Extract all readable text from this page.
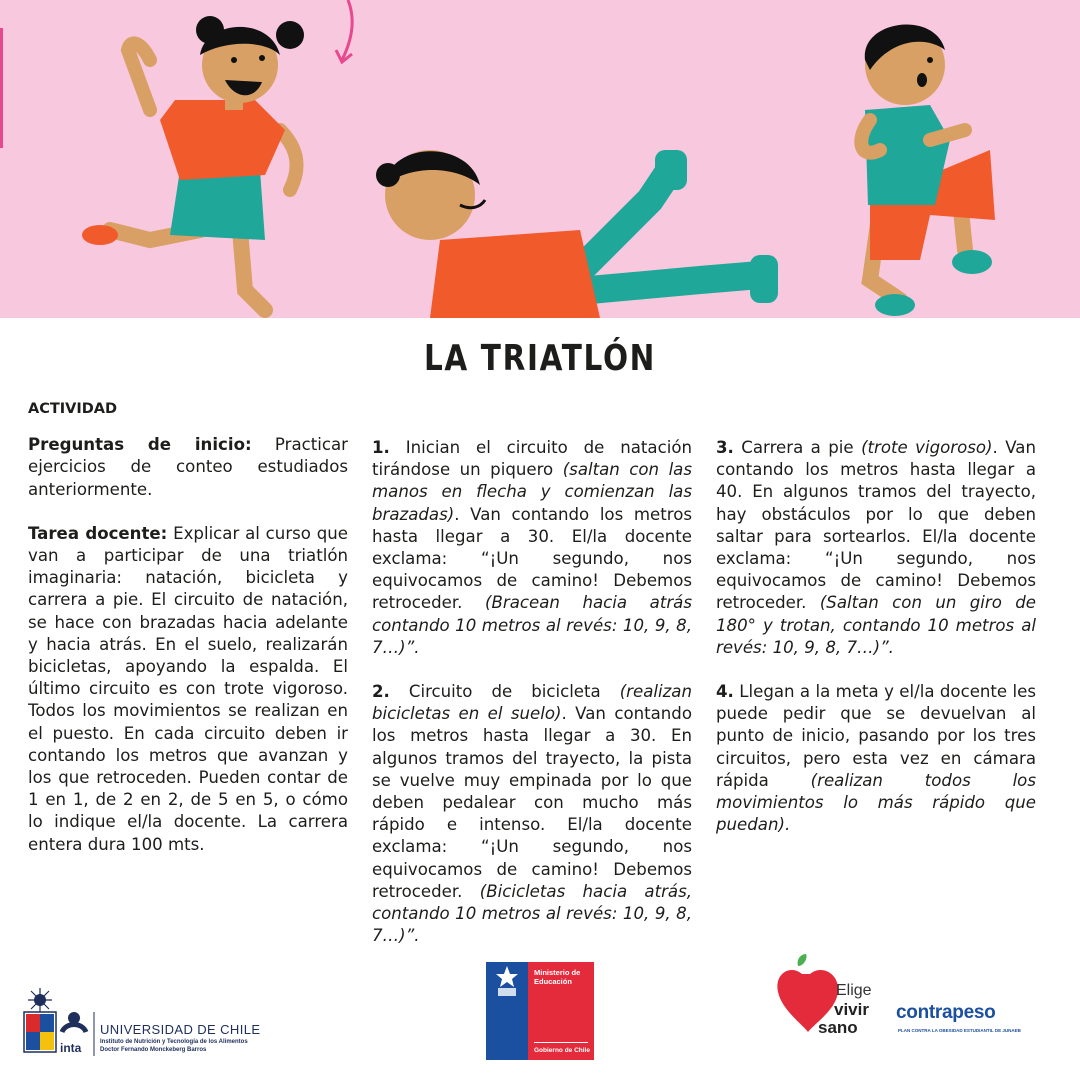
LA TRIATLÓN
ACTIVIDAD

Preguntas de inicio: Practicar ejercicios de conteo estudiados anteriormente.

Tarea docente: Explicar al curso que van a participar de una triatlón imaginaria: natación, bicicleta y carrera a pie. El circuito de natación, se hace con brazadas hacia adelante y hacia atrás. En el suelo, realizarán bicicletas, apoyando la espalda. El último circuito es con trote vigoroso. Todos los movimientos se realizan en el puesto. En cada circuito deben ir contando los metros que avanzan y los que retroceden. Pueden contar de 1 en 1, de 2 en 2, de 5 en 5, o cómo lo indique el/la docente. La carrera entera dura 100 mts.

1. Inician el circuito de natación tirándose un piquero (saltan con las manos en flecha y comienzan las brazadas). Van contando los metros hasta llegar a 30. El/la docente exclama: “¡Un segundo, nos equivocamos de camino! Debemos retroceder. (Bracean hacia atrás contando 10 metros al revés: 10, 9, 8, 7…)”.

2. Circuito de bicicleta (realizan bicicletas en el suelo). Van contando los metros hasta llegar a 30. En algunos tramos del trayecto, la pista se vuelve muy empinada por lo que deben pedalear con mucho más rápido e intenso. El/la docente exclama: “¡Un segundo, nos equivocamos de camino! Debemos retroceder. (Bicicletas hacia atrás, contando 10 metros al revés: 10, 9, 8, 7…)”.

3. Carrera a pie (trote vigoroso). Van contando los metros hasta llegar a 40. En algunos tramos del trayecto, hay obstáculos por lo que deben saltar para sortearlos. El/la docente exclama: “¡Un segundo, nos equivocamos de camino! Debemos retroceder. (Saltan con un giro de 180° y trotan, contando 10 metros al revés: 10, 9, 8, 7…)”.

4. Llegan a la meta y el/la docente les puede pedir que se devuelvan al punto de inicio, pasando por los tres circuitos, pero esta vez en cámara rápida (realizan todos los movimientos lo más rápido que puedan).

inta
UNIVERSIDAD DE CHILE
Instituto de Nutrición y Tecnología de los Alimentos
Doctor Fernando Monckeberg Barros
Ministerio de Educación
Gobierno de Chile
Elige
vivir
sano
contrapeso
PLAN CONTRA LA OBESIDAD ESTUDIANTIL DE JUNAEB
